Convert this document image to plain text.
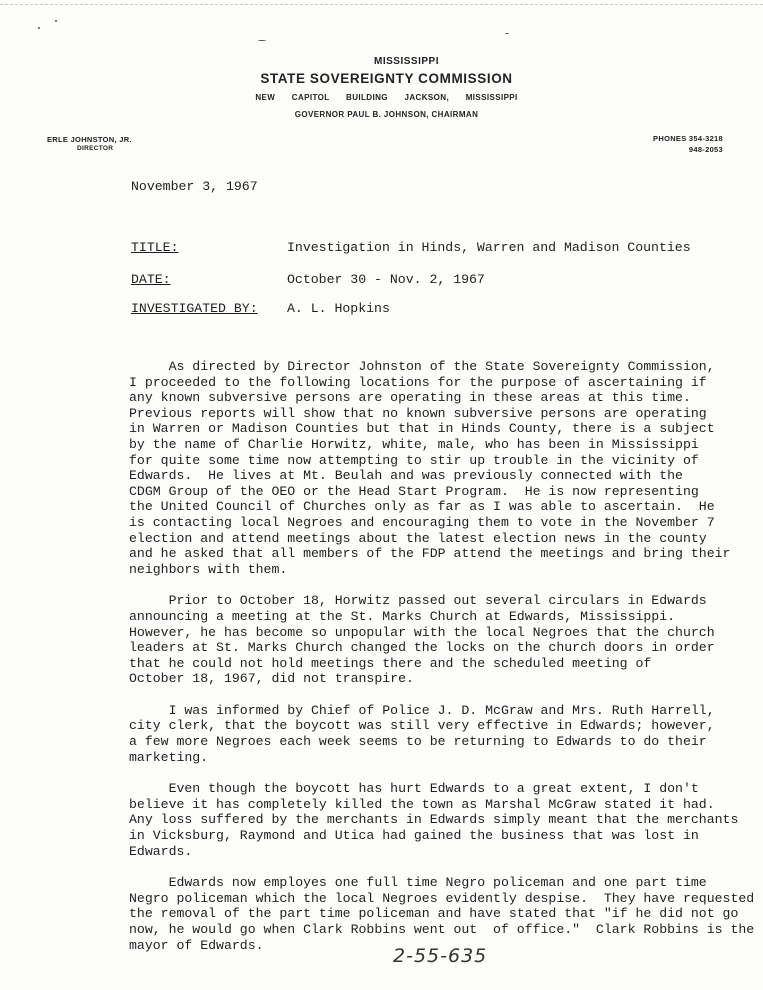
MISSISSIPPI
STATE SOVEREIGNTY COMMISSION
NEW CAPITOL BUILDING JACKSON, MISSISSIPPI
GOVERNOR PAUL B. JOHNSON, CHAIRMAN
ERLE JOHNSTON, JR.
DIRECTOR
PHONES 354-3218
948-2053
November 3, 1967
TITLE:	Investigation in Hinds, Warren and Madison Counties
DATE:	October 30 - Nov. 2, 1967
INVESTIGATED BY: A. L. Hopkins

As directed by Director Johnston of the State Sovereignty Commission,
I proceeded to the following locations for the purpose of ascertaining if
any known subversive persons are operating in these areas at this time.
Previous reports will show that no known subversive persons are operating
in Warren or Madison Counties but that in Hinds County, there is a subject
by the name of Charlie Horwitz, white, male, who has been in Mississippi
for quite some time now attempting to stir up trouble in the vicinity of
Edwards.  He lives at Mt. Beulah and was previously connected with the
CDGM Group of the OEO or the Head Start Program.  He is now representing
the United Council of Churches only as far as I was able to ascertain.  He
is contacting local Negroes and encouraging them to vote in the November 7
election and attend meetings about the latest election news in the county
and he asked that all members of the FDP attend the meetings and bring their
neighbors with them.

Prior to October 18, Horwitz passed out several circulars in Edwards
announcing a meeting at the St. Marks Church at Edwards, Mississippi.
However, he has become so unpopular with the local Negroes that the church
leaders at St. Marks Church changed the locks on the church doors in order
that he could not hold meetings there and the scheduled meeting of
October 18, 1967, did not transpire.

I was informed by Chief of Police J. D. McGraw and Mrs. Ruth Harrell,
city clerk, that the boycott was still very effective in Edwards; however,
a few more Negroes each week seems to be returning to Edwards to do their
marketing.

Even though the boycott has hurt Edwards to a great extent, I don't
believe it has completely killed the town as Marshal McGraw stated it had.
Any loss suffered by the merchants in Edwards simply meant that the merchants
in Vicksburg, Raymond and Utica had gained the business that was lost in
Edwards.

Edwards now employes one full time Negro policeman and one part time
Negro policeman which the local Negroes evidently despise.  They have requested
the removal of the part time policeman and have stated that "if he did not go
now, he would go when Clark Robbins went out  of office."  Clark Robbins is the
mayor of Edwards.	2-55-635
